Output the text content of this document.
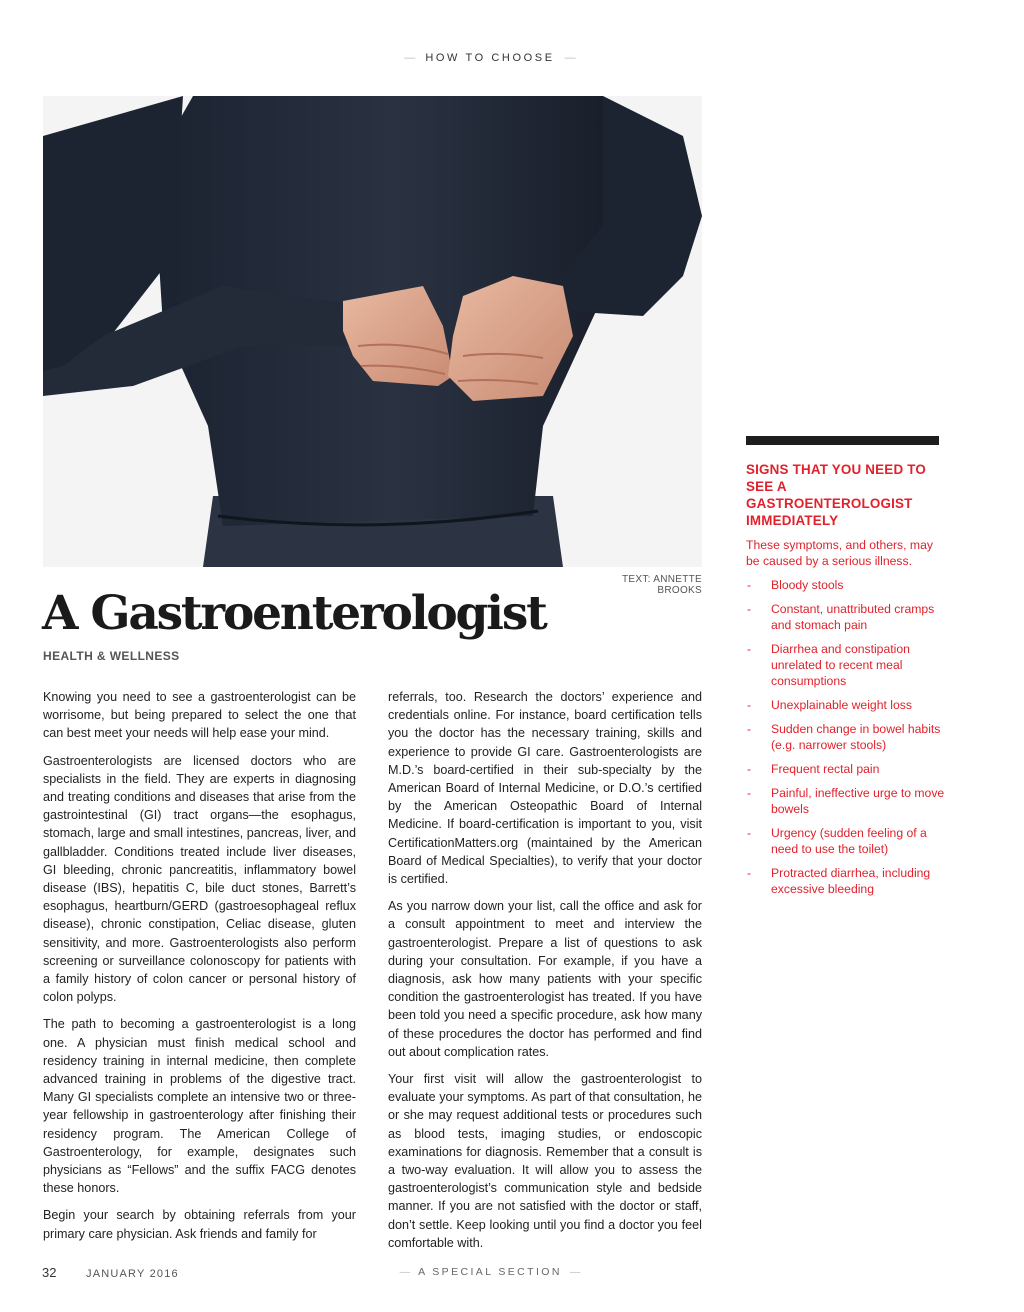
— HOW TO CHOOSE —
TEXT: ANNETTE BROOKS
A Gastroenterologist
HEALTH & WELLNESS

Knowing you need to see a gastroenterologist can be worrisome, but being prepared to select the one that can best meet your needs will help ease your mind.

Gastroenterologists are licensed doctors who are specialists in the field. They are experts in diagnosing and treating conditions and diseases that arise from the gastrointestinal (GI) tract organs—the esophagus, stomach, large and small intestines, pancreas, liver, and gallbladder. Conditions treated include liver diseases, GI bleeding, chronic pancreatitis, inflammatory bowel disease (IBS), hepatitis C, bile duct stones, Barrett’s esophagus, heartburn/GERD (gastroesophageal reflux disease), chronic constipation, Celiac disease, gluten sensitivity, and more. Gastroenterologists also perform screening or surveillance colonoscopy for patients with a family history of colon cancer or personal history of colon polyps.

The path to becoming a gastroenterologist is a long one. A physician must finish medical school and residency training in internal medicine, then complete advanced training in problems of the digestive tract. Many GI specialists complete an intensive two or three-year fellowship in gastroenterology after finishing their residency program. The American College of Gastroenterology, for example, designates such physicians as “Fellows” and the suffix FACG denotes these honors.

Begin your search by obtaining referrals from your primary care physician. Ask friends and family for

referrals, too. Research the doctors’ experience and credentials online. For instance, board certification tells you the doctor has the necessary training, skills and experience to provide GI care. Gastroenterologists are M.D.’s board-certified in their sub-specialty by the American Board of Internal Medicine, or D.O.’s certified by the American Osteopathic Board of Internal Medicine. If board-certification is important to you, visit CertificationMatters.org (maintained by the American Board of Medical Specialties), to verify that your doctor is certified.

As you narrow down your list, call the office and ask for a consult appointment to meet and interview the gastroenterologist. Prepare a list of questions to ask during your consultation. For example, if you have a diagnosis, ask how many patients with your specific condition the gastroenterologist has treated. If you have been told you need a specific procedure, ask how many of these procedures the doctor has performed and find out about complication rates.

Your first visit will allow the gastroenterologist to evaluate your symptoms. As part of that consultation, he or she may request additional tests or procedures such as blood tests, imaging studies, or endoscopic examinations for diagnosis. Remember that a consult is a two-way evaluation. It will allow you to assess the gastroenterologist’s communication style and bedside manner. If you are not satisfied with the doctor or staff, don’t settle. Keep looking until you find a doctor you feel comfortable with.

SIGNS THAT YOU NEED TO SEE A GASTROENTEROLOGIST IMMEDIATELY
These symptoms, and others, may be caused by a serious illness.
- Bloody stools
- Constant, unattributed cramps and stomach pain
- Diarrhea and constipation unrelated to recent meal consumptions
- Unexplainable weight loss
- Sudden change in bowel habits (e.g. narrower stools)
- Frequent rectal pain
- Painful, ineffective urge to move bowels
- Urgency (sudden feeling of a need to use the toilet)
- Protracted diarrhea, including excessive bleeding
32	JANUARY 2016	— A SPECIAL SECTION —
